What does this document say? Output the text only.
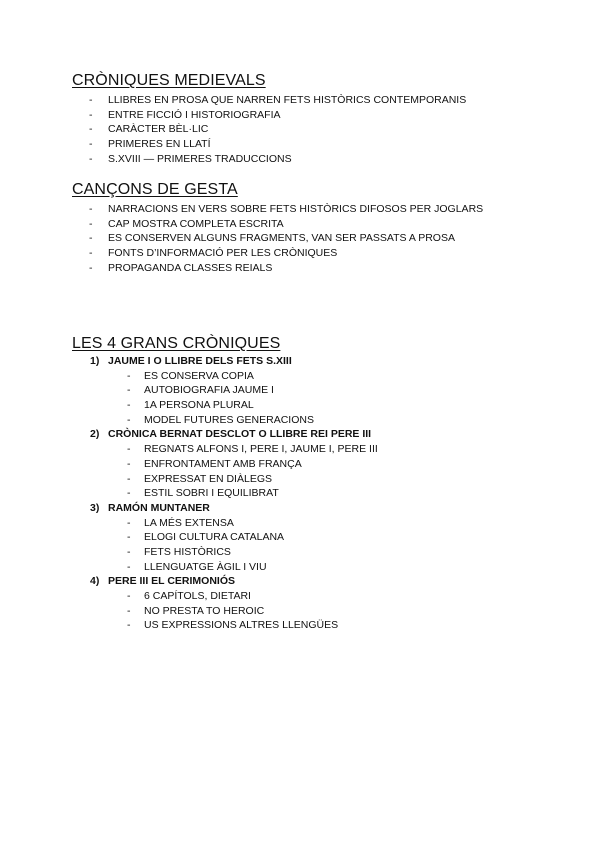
CRÒNIQUES MEDIEVALS
- LLIBRES EN PROSA QUE NARREN FETS HISTÒRICS CONTEMPORANIS
- ENTRE FICCIÓ I HISTORIOGRAFIA
- CARÀCTER BÈL·LIC
- PRIMERES EN LLATÍ
- S.XVIII — PRIMERES TRADUCCIONS
CANÇONS DE GESTA
- NARRACIONS EN VERS SOBRE FETS HISTÒRICS DIFOSOS PER JOGLARS
- CAP MOSTRA COMPLETA ESCRITA
- ES CONSERVEN ALGUNS FRAGMENTS, VAN SER PASSATS A PROSA
- FONTS D’INFORMACIÓ PER LES CRÒNIQUES
- PROPAGANDA CLASSES REIALS
LES 4 GRANS CRÒNIQUES
1) JAUME I O LLIBRE DELS FETS S.XIII
- ES CONSERVA COPIA
- AUTOBIOGRAFIA JAUME I
- 1A PERSONA PLURAL
- MODEL FUTURES GENERACIONS
2) CRÒNICA BERNAT DESCLOT O LLIBRE REI PERE III
- REGNATS ALFONS I, PERE I, JAUME I, PERE III
- ENFRONTAMENT AMB FRANÇA
- EXPRESSAT EN DIÀLEGS
- ESTIL SOBRI I EQUILIBRAT
3) RAMÓN MUNTANER
- LA MÉS EXTENSA
- ELOGI CULTURA CATALANA
- FETS HISTÒRICS
- LLENGUATGE ÀGIL I VIU
4) PERE III EL CERIMONIÓS
- 6 CAPÍTOLS, DIETARI
- NO PRESTA TO HEROIC
- US EXPRESSIONS ALTRES LLENGÜES
